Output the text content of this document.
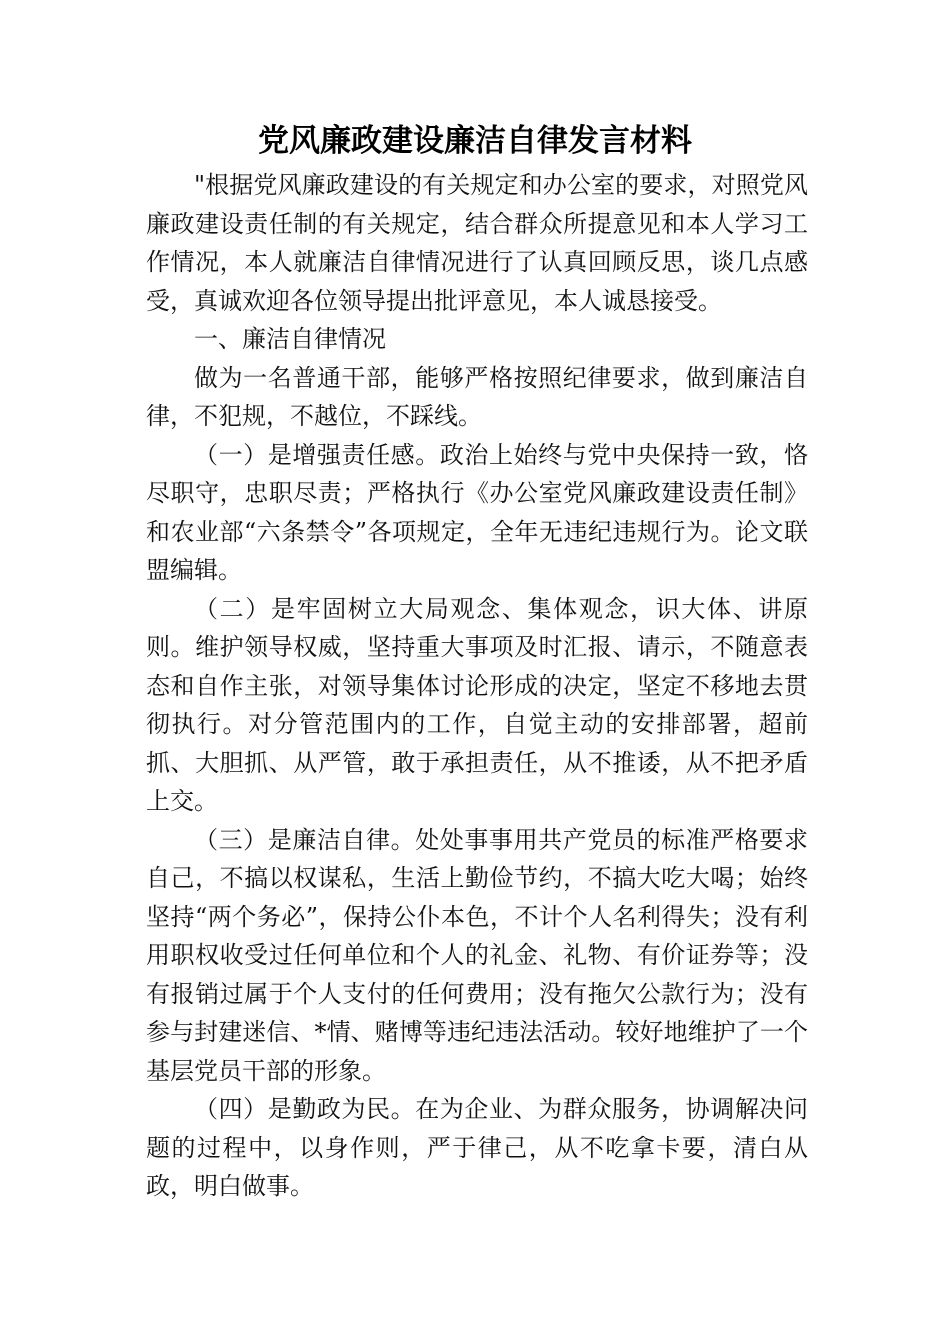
党风廉政建设廉洁自律发言材料

"根据党风廉政建设的有关规定和办公室的要求，对照党风廉政建设责任制的有关规定，结合群众所提意见和本人学习工作情况，本人就廉洁自律情况进行了认真回顾反思，谈几点感受，真诚欢迎各位领导提出批评意见，本人诚恳接受。

一、廉洁自律情况

做为一名普通干部，能够严格按照纪律要求，做到廉洁自律，不犯规，不越位，不踩线。

（一）是增强责任感。政治上始终与党中央保持一致，恪尽职守，忠职尽责；严格执行《办公室党风廉政建设责任制》和农业部“六条禁令”各项规定，全年无违纪违规行为。论文联盟编辑。

（二）是牢固树立大局观念、集体观念，识大体、讲原则。维护领导权威，坚持重大事项及时汇报、请示，不随意表态和自作主张，对领导集体讨论形成的决定，坚定不移地去贯彻执行。对分管范围内的工作，自觉主动的安排部署，超前抓、大胆抓、从严管，敢于承担责任，从不推诿，从不把矛盾上交。

（三）是廉洁自律。处处事事用共产党员的标准严格要求自己，不搞以权谋私，生活上勤俭节约，不搞大吃大喝；始终坚持“两个务必”，保持公仆本色，不计个人名利得失；没有利用职权收受过任何单位和个人的礼金、礼物、有价证券等；没有报销过属于个人支付的任何费用；没有拖欠公款行为；没有参与封建迷信、*情、赌博等违纪违法活动。较好地维护了一个基层党员干部的形象。

（四）是勤政为民。在为企业、为群众服务，协调解决问题的过程中，以身作则，严于律己，从不吃拿卡要，清白从政，明白做事。
